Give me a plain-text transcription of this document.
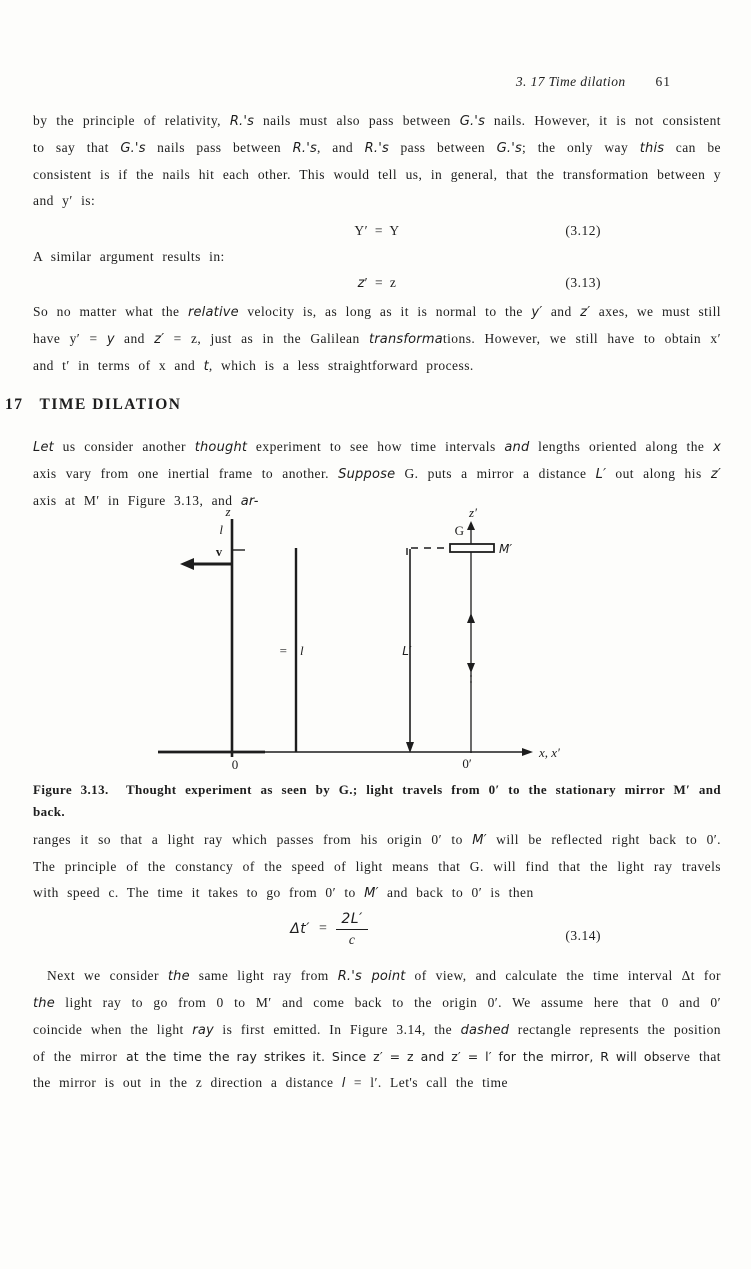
3. 17 Time dilation 61

by the principle of relativity, R.'s nails must also pass between G.'s nails. However, it is not consistent to say that G.'s nails pass between R.'s, and R.'s pass between G.'s; the only way this can be consistent is if the nails hit each other. This would tell us, in general, that the transformation between y and y′ is:

Y′ = Y	(3.12)

A similar argument results in:

z′ = z	(3.13)

So no matter what the relative velocity is, as long as it is normal to the y′ and z′ axes, we must still have y′ = y and z′ = z, just as in the Galilean transformations. However, we still have to obtain x′ and t′ in terms of x and t, which is a less straightforward process.

17 TIME DILATION

Let us consider another thought experiment to see how time intervals and lengths oriented along the x axis vary from one inertial frame to another. Suppose G. puts a mirror a distance L′ out along his z′ axis at M′ in Figure 3.13, and ar-

z
l
v
= l	L′
z′
G
M′
x, x′
0	0′

Figure 3.13. Thought experiment as seen by G.; light travels from 0′ to the stationary mirror M′ and back.

ranges it so that a light ray which passes from his origin 0′ to M′ will be reflected right back to 0′. The principle of the constancy of the speed of light means that G. will find that the light ray travels with speed c. The time it takes to go from 0′ to M′ and back to 0′ is then

$\Delta t' = \frac{2L'}{c}$	(3.14)

Next we consider the same light ray from R.'s point of view, and calculate the time interval Δt for the light ray to go from 0 to M′ and come back to the origin 0′. We assume here that 0 and 0′ coincide when the light ray is first emitted. In Figure 3.14, the dashed rectangle represents the position of the mirror at the time the ray strikes it. Since z′ = z and z′ = l′ for the mirror, R will observe that the mirror is out in the z direction a distance l = l′. Let's call the time
